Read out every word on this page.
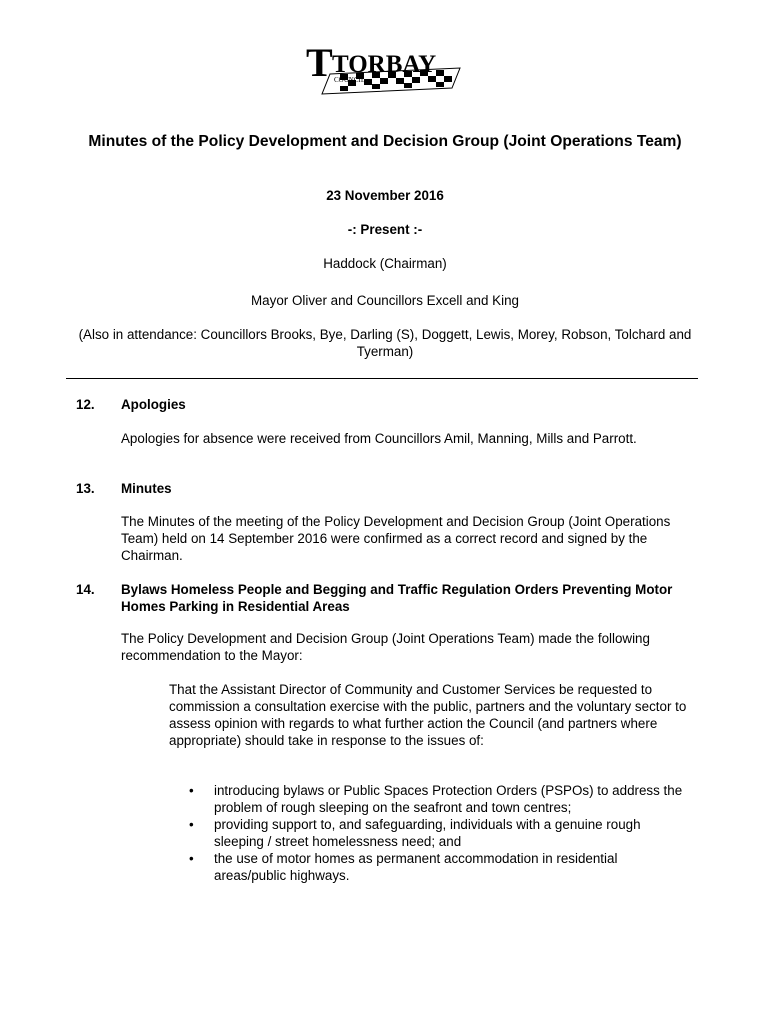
T TORBAY
COUNCIL
Minutes of the Policy Development and Decision Group (Joint Operations Team)
23 November 2016
-: Present :-
Haddock (Chairman)
Mayor Oliver and Councillors Excell and King
(Also in attendance: Councillors Brooks, Bye, Darling (S), Doggett, Lewis, Morey, Robson, Tolchard and Tyerman)
12. Apologies
Apologies for absence were received from Councillors Amil, Manning, Mills and Parrott.
13. Minutes
The Minutes of the meeting of the Policy Development and Decision Group (Joint Operations Team) held on 14 September 2016 were confirmed as a correct record and signed by the Chairman.
14. Bylaws Homeless People and Begging and Traffic Regulation Orders Preventing Motor Homes Parking in Residential Areas
The Policy Development and Decision Group (Joint Operations Team) made the following recommendation to the Mayor:
That the Assistant Director of Community and Customer Services be requested to commission a consultation exercise with the public, partners and the voluntary sector to assess opinion with regards to what further action the Council (and partners where appropriate) should take in response to the issues of:
• introducing bylaws or Public Spaces Protection Orders (PSPOs) to address the problem of rough sleeping on the seafront and town centres;
• providing support to, and safeguarding, individuals with a genuine rough sleeping / street homelessness need; and
• the use of motor homes as permanent accommodation in residential areas/public highways.
